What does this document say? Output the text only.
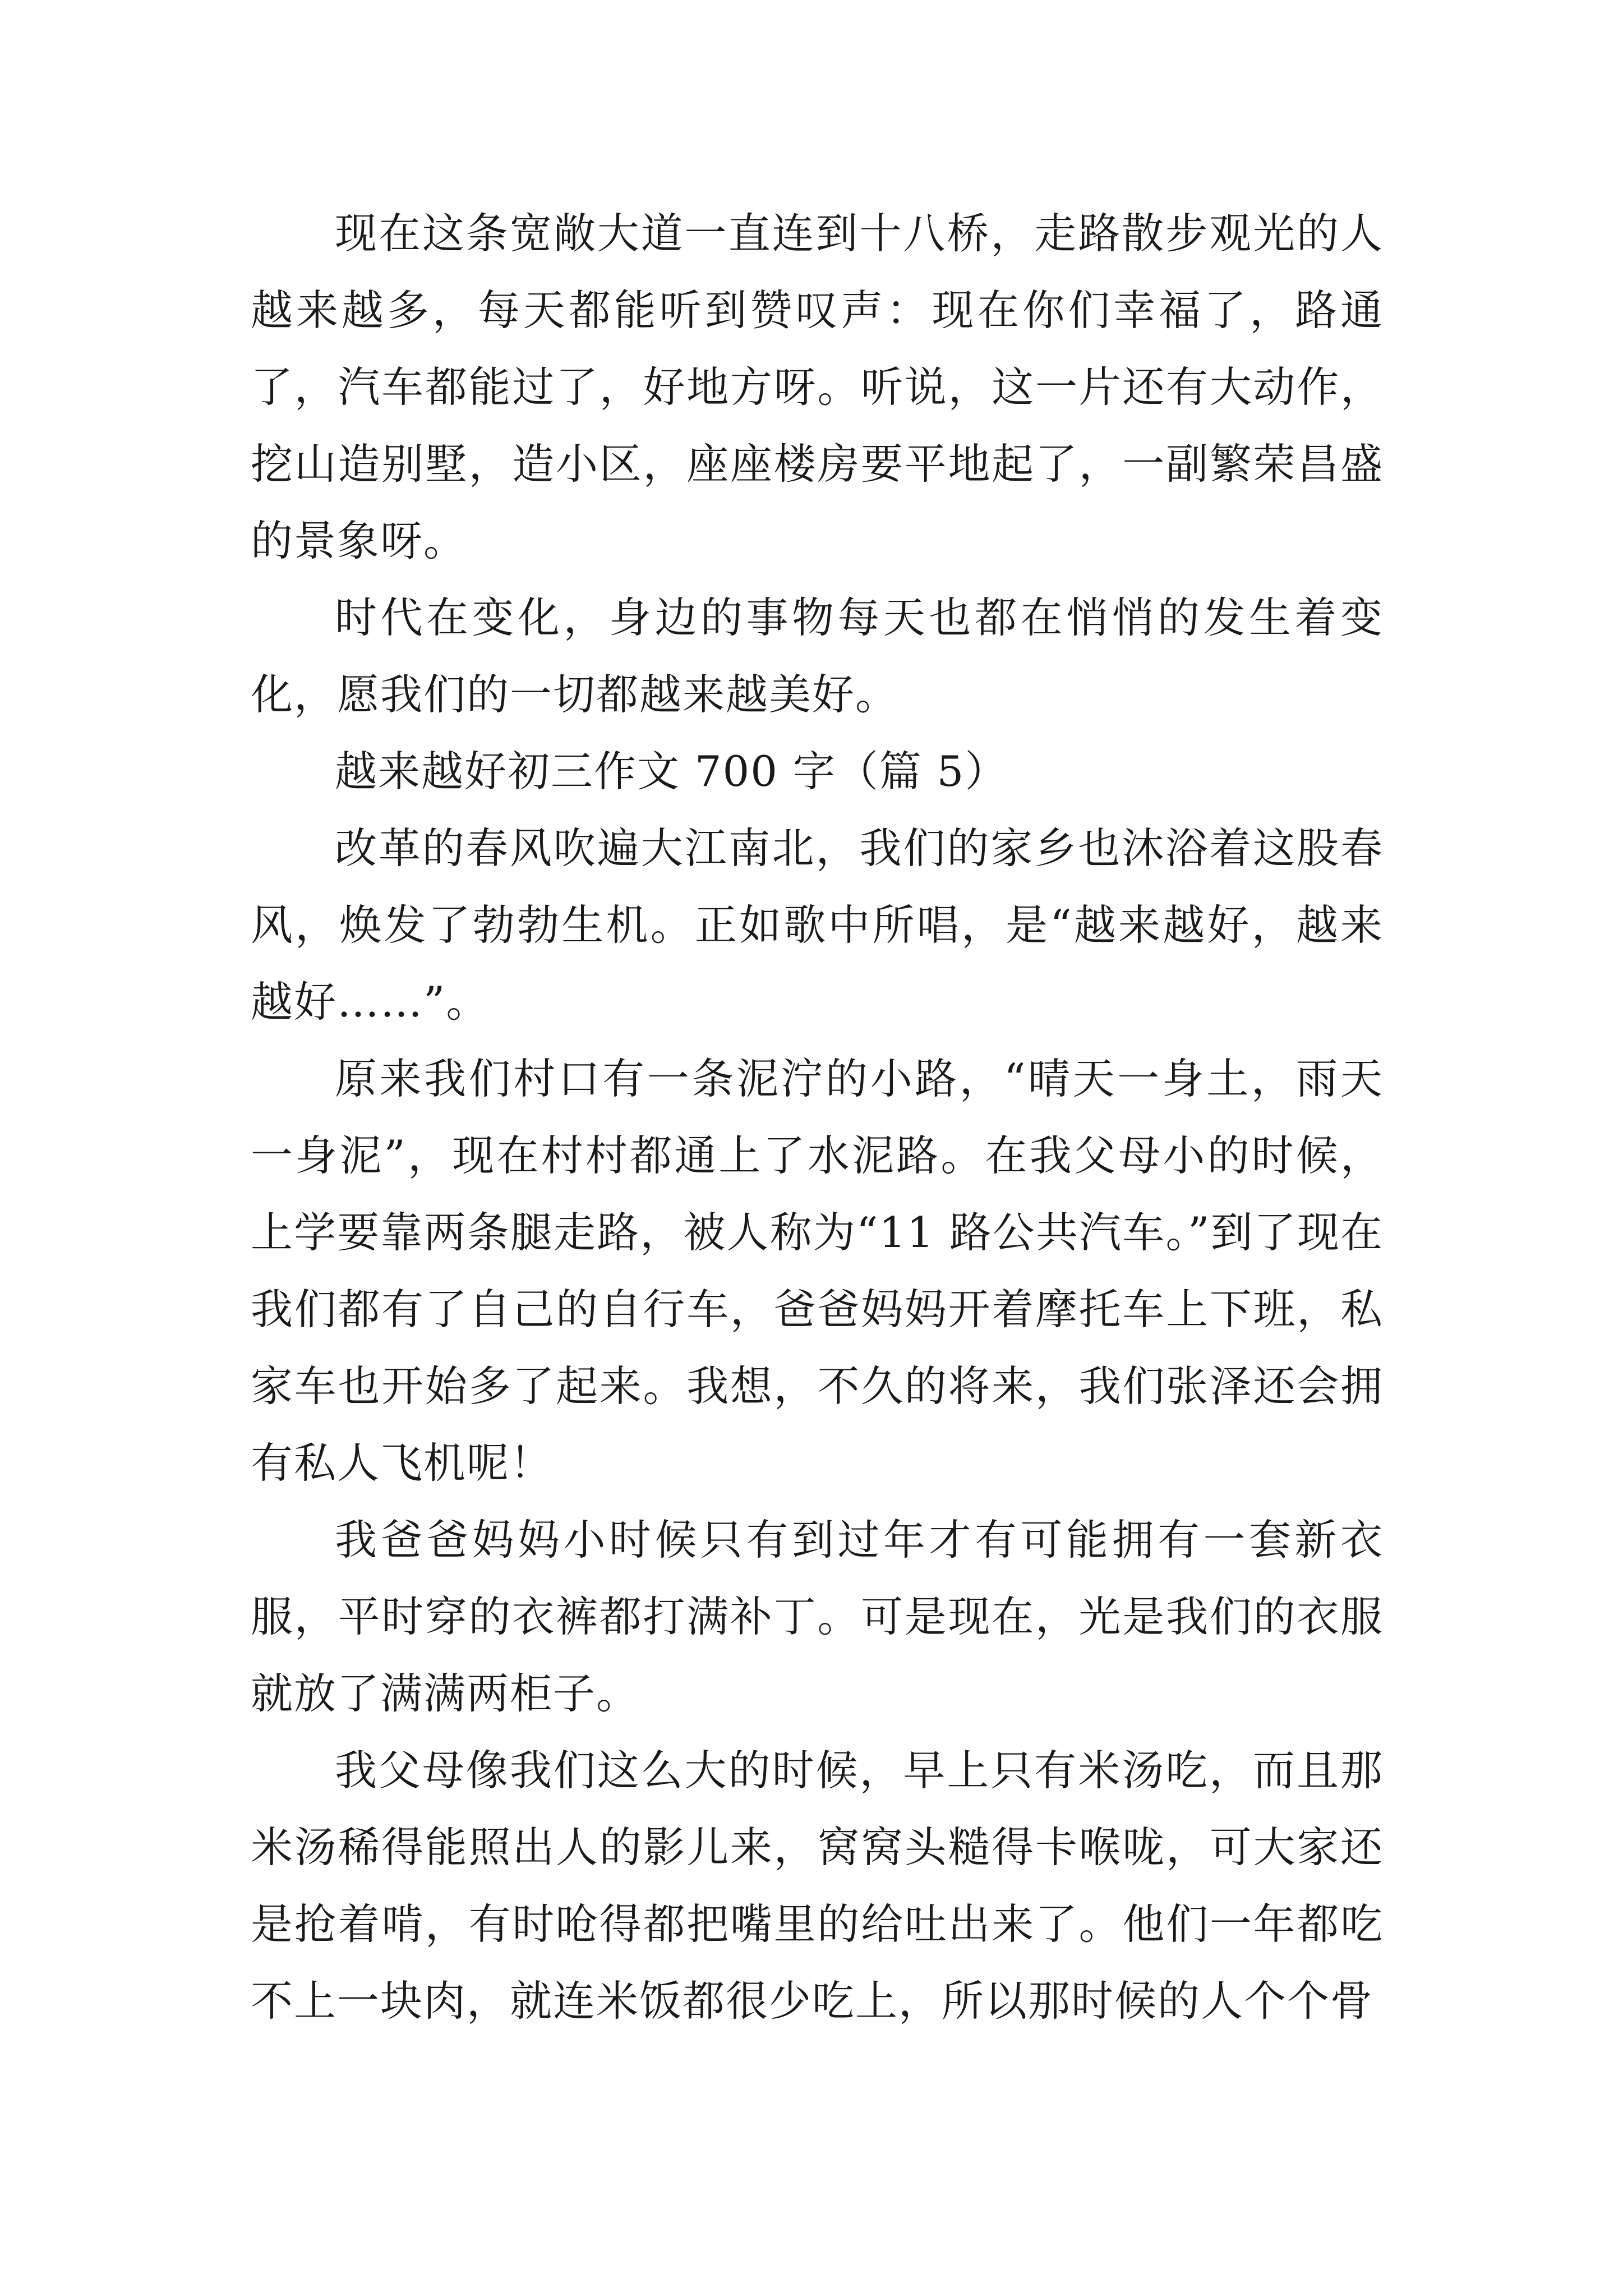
现在这条宽敞大道一直连到十八桥，走路散步观光的人越来越多，每天都能听到赞叹声：现在你们幸福了，路通了，汽车都能过了，好地方呀。听说，这一片还有大动作，挖山造别墅，造小区，座座楼房要平地起了，一副繁荣昌盛的景象呀。

时代在变化，身边的事物每天也都在悄悄的发生着变化，愿我们的一切都越来越美好。

越来越好初三作文 700 字（篇 5）

改革的春风吹遍大江南北，我们的家乡也沐浴着这股春风，焕发了勃勃生机。正如歌中所唱，是“越来越好，越来越好……”。

原来我们村口有一条泥泞的小路，“晴天一身土，雨天一身泥”，现在村村都通上了水泥路。在我父母小的时候，上学要靠两条腿走路，被人称为“11 路公共汽车。”到了现在我们都有了自己的自行车，爸爸妈妈开着摩托车上下班，私家车也开始多了起来。我想，不久的将来，我们张泽还会拥有私人飞机呢！

我爸爸妈妈小时候只有到过年才有可能拥有一套新衣服，平时穿的衣裤都打满补丁。可是现在，光是我们的衣服就放了满满两柜子。

我父母像我们这么大的时候，早上只有米汤吃，而且那米汤稀得能照出人的影儿来，窝窝头糙得卡喉咙，可大家还是抢着啃，有时呛得都把嘴里的给吐出来了。他们一年都吃不上一块肉，就连米饭都很少吃上，所以那时候的人个个骨
